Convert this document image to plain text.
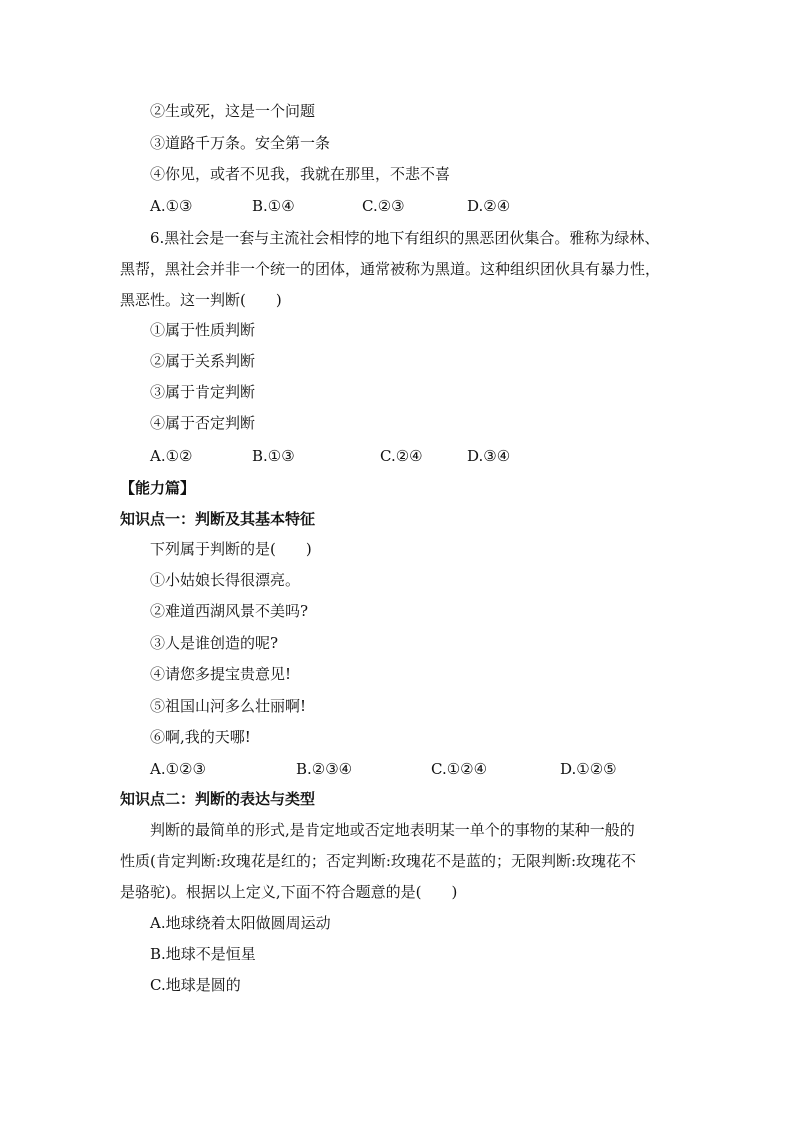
②生或死，这是一个问题
③道路千万条。安全第一条
④你见，或者不见我，我就在那里，不悲不喜
A.①③	B.①④	C.②③	D.②④
6.黑社会是一套与主流社会相悖的地下有组织的黑恶团伙集合。雅称为绿林、
黑帮，黑社会并非一个统一的团体，通常被称为黑道。这种组织团伙具有暴力性，
黑恶性。这一判断(　　)
①属于性质判断
②属于关系判断
③属于肯定判断
④属于否定判断
A.①②	B.①③	C.②④	D.③④
【能力篇】
知识点一：判断及其基本特征
下列属于判断的是(　　)
①小姑娘长得很漂亮。
②难道西湖风景不美吗?
③人是谁创造的呢?
④请您多提宝贵意见!
⑤祖国山河多么壮丽啊!
⑥啊,我的天哪!
A.①②③	B.②③④	C.①②④	D.①②⑤
知识点二：判断的表达与类型
判断的最简单的形式,是肯定地或否定地表明某一单个的事物的某种一般的
性质(肯定判断:玫瑰花是红的；否定判断:玫瑰花不是蓝的；无限判断:玫瑰花不
是骆驼)。根据以上定义,下面不符合题意的是(　　)
A.地球绕着太阳做圆周运动
B.地球不是恒星
C.地球是圆的
